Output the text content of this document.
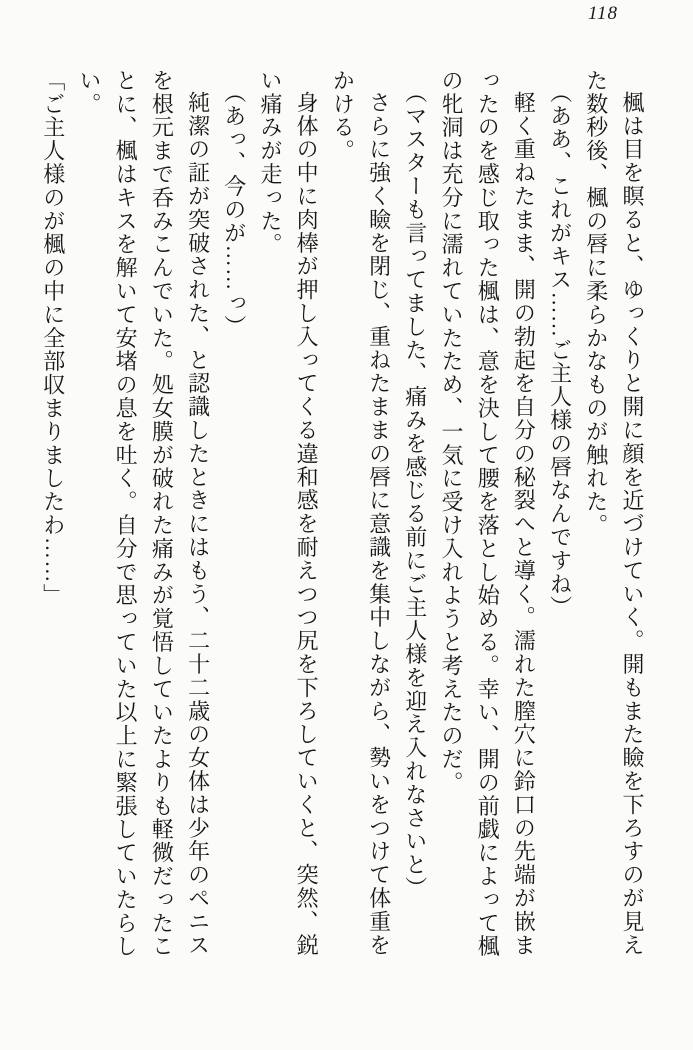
118

楓は目を瞑ると、ゆっくりと開に顔を近づけていく。開もまた瞼を下ろすのが見えた数秒後、楓の唇に柔らかなものが触れた。

（ああ、これがキス……ご主人様の唇なんですね）

軽く重ねたまま、開の勃起を自分の秘裂へと導く。濡れた膣穴に鈴口の先端が嵌まったのを感じ取った楓は、意を決して腰を落とし始める。幸い、開の前戯によって楓の牝洞は充分に濡れていたため、一気に受け入れようと考えたのだ。

（マスターも言ってました、痛みを感じる前にご主人様を迎え入れなさいと）

さらに強く瞼を閉じ、重ねたままの唇に意識を集中しながら、勢いをつけて体重をかける。

身体の中に肉棒が押し入ってくる違和感を耐えつつ尻を下ろしていくと、突然、鋭い痛みが走った。

（あっ、今のが……っ）

純潔の証が突破された、と認識したときにはもう、二十二歳の女体は少年のペニスを根元まで呑みこんでいた。処女膜が破れた痛みが覚悟していたよりも軽微だったことに、楓はキスを解いて安堵の息を吐く。自分で思っていた以上に緊張していたらしい。

「ご主人様のが楓の中に全部収まりましたわ……」
